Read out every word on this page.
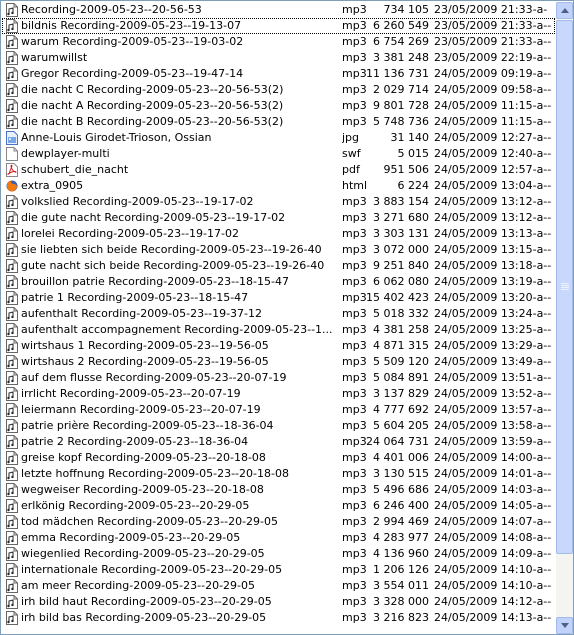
Recording-2009-05-23--20-56-53	mp3	734 105 23/05/2009 21:33-a-
bildnis Recording-2009-05-23--19-13-07	mp3 6 260 549 23/05/2009 21:33-a--
warum Recording-2009-05-23--19-03-02	mp3 6 754 269 23/05/2009 21:33-a--
warumwillst	mp3 3 381 248 23/05/2009 22:19-a--
Gregor Recording-2009-05-23--19-47-14	mp3 11 136 731 24/05/2009 09:19-a--
die nacht C Recording-2009-05-23--20-56-53(2)	mp3 2 029 714 24/05/2009 09:58-a--
die nacht A Recording-2009-05-23--20-56-53(2)	mp3 9 801 728 24/05/2009 11:15-a--
die nacht B Recording-2009-05-23--20-56-53(2)	mp3 5 748 736 24/05/2009 11:15-a--
Anne-Louis Girodet-Trioson, Ossian	jpg	31 140 24/05/2009 12:27-a--
dewplayer-multi	swf	5 015 24/05/2009 12:40-a--
schubert_die_nacht	pdf	951 506 24/05/2009 12:57-a--
extra_0905	html	6 224 24/05/2009 13:04-a--
volkslied Recording-2009-05-23--19-17-02	mp3 3 883 154 24/05/2009 13:12-a--
die gute nacht Recording-2009-05-23--19-17-02	mp3 3 271 680 24/05/2009 13:12-a--
lorelei Recording-2009-05-23--19-17-02	mp3 3 303 131 24/05/2009 13:13-a--
sie liebten sich beide Recording-2009-05-23--19-26-40	mp3 3 072 000 24/05/2009 13:15-a--
gute nacht sich beide Recording-2009-05-23--19-26-40	mp3 9 251 840 24/05/2009 13:18-a--
brouillon patrie Recording-2009-05-23--18-15-47	mp3 6 062 080 24/05/2009 13:19-a--
patrie 1 Recording-2009-05-23--18-15-47	mp3 15 402 423 24/05/2009 13:20-a--
aufenthalt Recording-2009-05-23--19-37-12	mp3 5 018 332 24/05/2009 13:24-a--
aufenthalt accompagnement Recording-2009-05-23--1... mp3 4 381 258 24/05/2009 13:25-a--
wirtshaus 1 Recording-2009-05-23--19-56-05	mp3 4 871 315 24/05/2009 13:29-a--
wirtshaus 2 Recording-2009-05-23--19-56-05	mp3 5 509 120 24/05/2009 13:49-a--
auf dem flusse Recording-2009-05-23--20-07-19	mp3 5 084 891 24/05/2009 13:51-a--
irrlicht Recording-2009-05-23--20-07-19	mp3 3 137 829 24/05/2009 13:52-a--
leiermann Recording-2009-05-23--20-07-19	mp3 4 777 692 24/05/2009 13:57-a--
patrie prière Recording-2009-05-23--18-36-04	mp3 5 604 205 24/05/2009 13:58-a--
patrie 2 Recording-2009-05-23--18-36-04	mp3 24 064 731 24/05/2009 13:59-a--
greise kopf Recording-2009-05-23--20-18-08	mp3 4 401 006 24/05/2009 14:00-a--
letzte hoffnung Recording-2009-05-23--20-18-08	mp3 3 130 515 24/05/2009 14:01-a--
wegweiser Recording-2009-05-23--20-18-08	mp3 5 496 686 24/05/2009 14:03-a--
erlkönig Recording-2009-05-23--20-29-05	mp3 6 246 400 24/05/2009 14:05-a--
tod mädchen Recording-2009-05-23--20-29-05	mp3 2 994 469 24/05/2009 14:07-a--
emma Recording-2009-05-23--20-29-05	mp3 4 283 977 24/05/2009 14:08-a--
wiegenlied Recording-2009-05-23--20-29-05	mp3 4 136 960 24/05/2009 14:09-a--
internationale Recording-2009-05-23--20-29-05	mp3 1 206 126 24/05/2009 14:10-a--
am meer Recording-2009-05-23--20-29-05	mp3 3 554 011 24/05/2009 14:10-a--
irh bild haut Recording-2009-05-23--20-29-05	mp3 3 328 000 24/05/2009 14:12-a--
irh bild bas Recording-2009-05-23--20-29-05	mp3 3 216 823 24/05/2009 14:13-a--
